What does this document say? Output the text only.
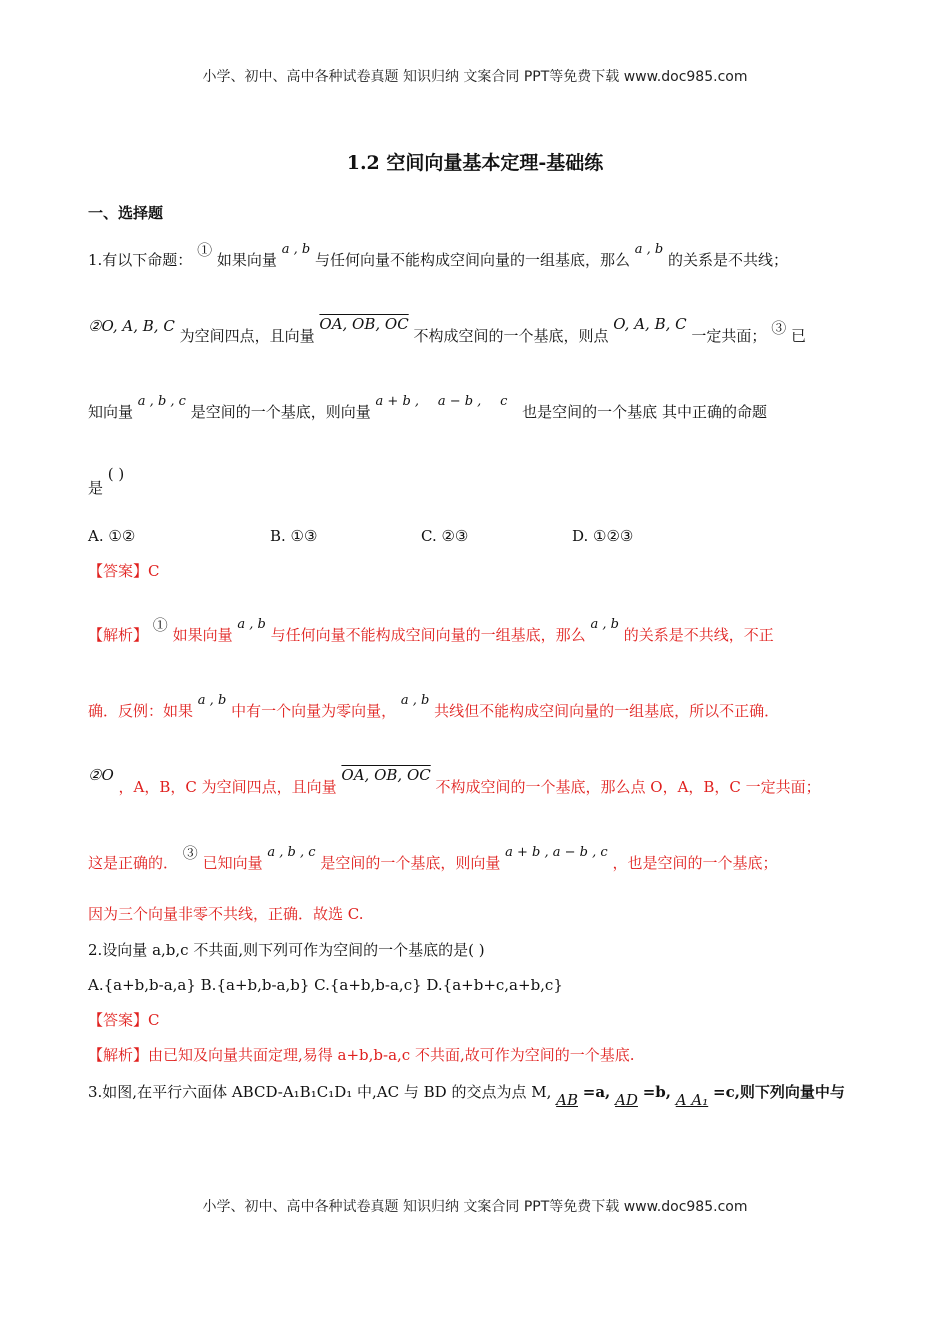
小学、初中、高中各种试卷真题 知识归纳 文案合同 PPT等免费下载 www.doc985.com
1.2 空间向量基本定理-基础练
一、选择题
1.有以下命题： ① 如果向量 a , b 与任何向量不能构成空间向量的一组基底，那么 a , b 的关系是不共线；
②O, A, B, C 为空间四点，且向量 OA, OB, OC 不构成空间的一个基底，则点 O, A, B, C 一定共面； ③ 已
知向量 a , b , c 是空间的一个基底，则向量 a + b , a − b , c 也是空间的一个基底 其中正确的命题
是 ( )
A. ①②	B. ①③	C. ②③	D. ①②③
【答案】C
【解析】 ① 如果向量 a , b 与任何向量不能构成空间向量的一组基底，那么 a , b 的关系是不共线，不正
确．反例：如果 a , b 中有一个向量为零向量， a , b 共线但不能构成空间向量的一组基底，所以不正确．
②O ，A，B，C 为空间四点，且向量 OA, OB, OC 不构成空间的一个基底，那么点 O，A，B，C 一定共面；
这是正确的． ③ 已知向量 a , b , c 是空间的一个基底，则向量 a + b , a − b , c ，也是空间的一个基底；
因为三个向量非零不共线，正确．故选 C.
2.设向量 a,b,c 不共面,则下列可作为空间的一个基底的是( )
A.{a+b,b-a,a} B.{a+b,b-a,b} C.{a+b,b-a,c} D.{a+b+c,a+b,c}
【答案】C
【解析】由已知及向量共面定理,易得 a+b,b-a,c 不共面,故可作为空间的一个基底.
3.如图,在平行六面体 ABCD-A₁B₁C₁D₁ 中,AC 与 BD 的交点为点 M, AB =a, AD =b, A A₁ =c,则下列向量中与
小学、初中、高中各种试卷真题 知识归纳 文案合同 PPT等免费下载 www.doc985.com
